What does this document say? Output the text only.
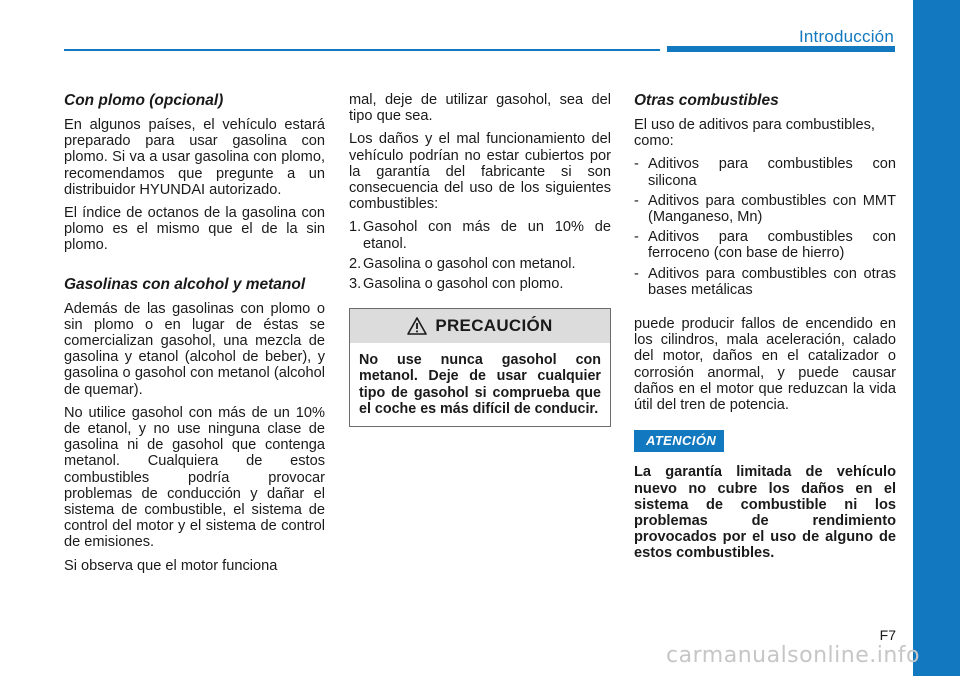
Introducción
Con plomo (opcional)

En algunos países, el vehículo estará preparado para usar gasolina con plomo. Si va a usar gasolina con plomo, recomendamos que pregunte a un distribuidor HYUNDAI autorizado.

El índice de octanos de la gasolina con plomo es el mismo que el de la sin plomo.

Gasolinas con alcohol y metanol

Además de las gasolinas con plomo o sin plomo o en lugar de éstas se comercializan gasohol, una mezcla de gasolina y etanol (alcohol de beber), y gasolina o gasohol con metanol (alcohol de quemar).

No utilice gasohol con más de un 10% de etanol, y no use ninguna clase de gasolina ni de gasohol que contenga metanol. Cualquiera de estos combustibles podría provocar problemas de conducción y dañar el sistema de combustible, el sistema de control del motor y el sistema de control de emisiones.

Si observa que el motor funciona

mal, deje de utilizar gasohol, sea del tipo que sea.

Los daños y el mal funcionamiento del vehículo podrían no estar cubiertos por la garantía del fabricante si son consecuencia del uso de los siguientes combustibles:

1. Gasohol con más de un 10% de etanol.
2. Gasolina o gasohol con metanol.
3. Gasolina o gasohol con plomo.
PRECAUCIÓN
No use nunca gasohol con metanol. Deje de usar cualquier tipo de gasohol si comprueba que el coche es más difícil de conducir.
Otras combustibles

El uso de aditivos para combustibles, como:

- Aditivos para combustibles con silicona
- Aditivos para combustibles con MMT (Manganeso, Mn)
- Aditivos para combustibles con ferroceno (con base de hierro)
- Aditivos para combustibles con otras bases metálicas

puede producir fallos de encendido en los cilindros, mala aceleración, calado del motor, daños en el catalizador o corrosión anormal, y puede causar daños en el motor que reduzcan la vida útil del tren de potencia.

ATENCIÓN

La garantía limitada de vehículo nuevo no cubre los daños en el sistema de combustible ni los problemas de rendimiento provocados por el uso de alguno de estos combustibles.

F7
carmanualsonline.info
